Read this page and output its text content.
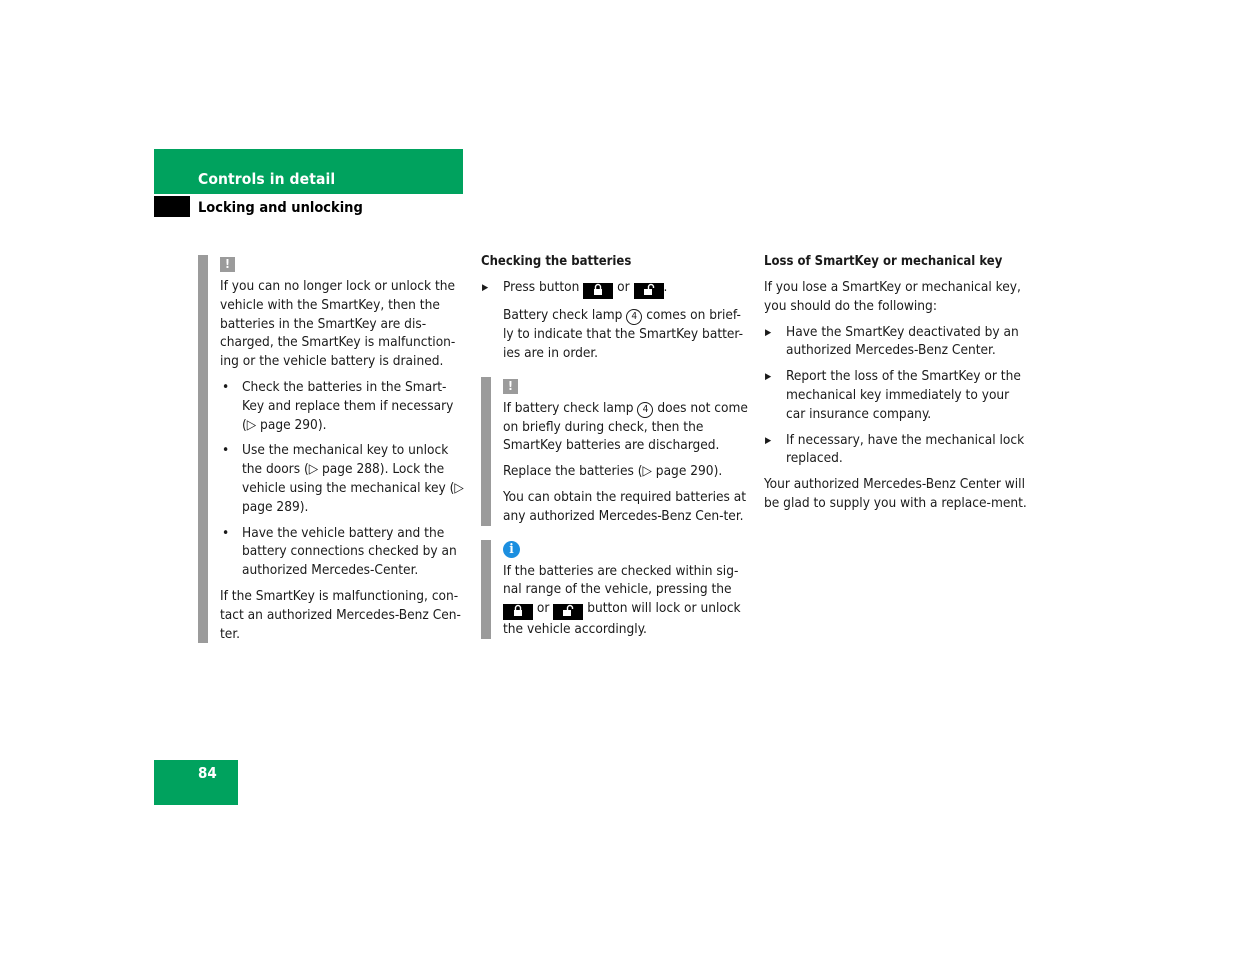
Controls in detail
Locking and unlocking
!

If you can no longer lock or unlock the vehicle with the SmartKey, then the batteries in the SmartKey are dis-charged, the SmartKey is malfunction-ing or the vehicle battery is drained.

• Check the batteries in the Smart-Key and replace them if necessary (▷ page 290).
• Use the mechanical key to unlock the doors (▷ page 288). Lock the vehicle using the mechanical key (▷ page 289).
• Have the vehicle battery and the battery connections checked by an authorized Mercedes-Center.

If the SmartKey is malfunctioning, con-tact an authorized Mercedes-Benz Cen-ter.

Checking the batteries
▶ Press button	or .

Battery check lamp 4 comes on brief-ly to indicate that the SmartKey batter-ies are in order.

!

If battery check lamp 4 does not come on briefly during check, then the SmartKey batteries are discharged.

Replace the batteries (▷ page 290).

You can obtain the required batteries at any authorized Mercedes-Benz Cen-ter.

i

If the batteries are checked within sig-nal range of the vehicle, pressing the  or	button will lock or unlock the vehicle accordingly.

Loss of SmartKey or mechanical key

If you lose a SmartKey or mechanical key, you should do the following:

▶ Have the SmartKey deactivated by an authorized Mercedes-Benz Center.
▶ Report the loss of the SmartKey or the mechanical key immediately to your car insurance company.
▶ If necessary, have the mechanical lock replaced.

Your authorized Mercedes-Benz Center will be glad to supply you with a replace-ment.

84
